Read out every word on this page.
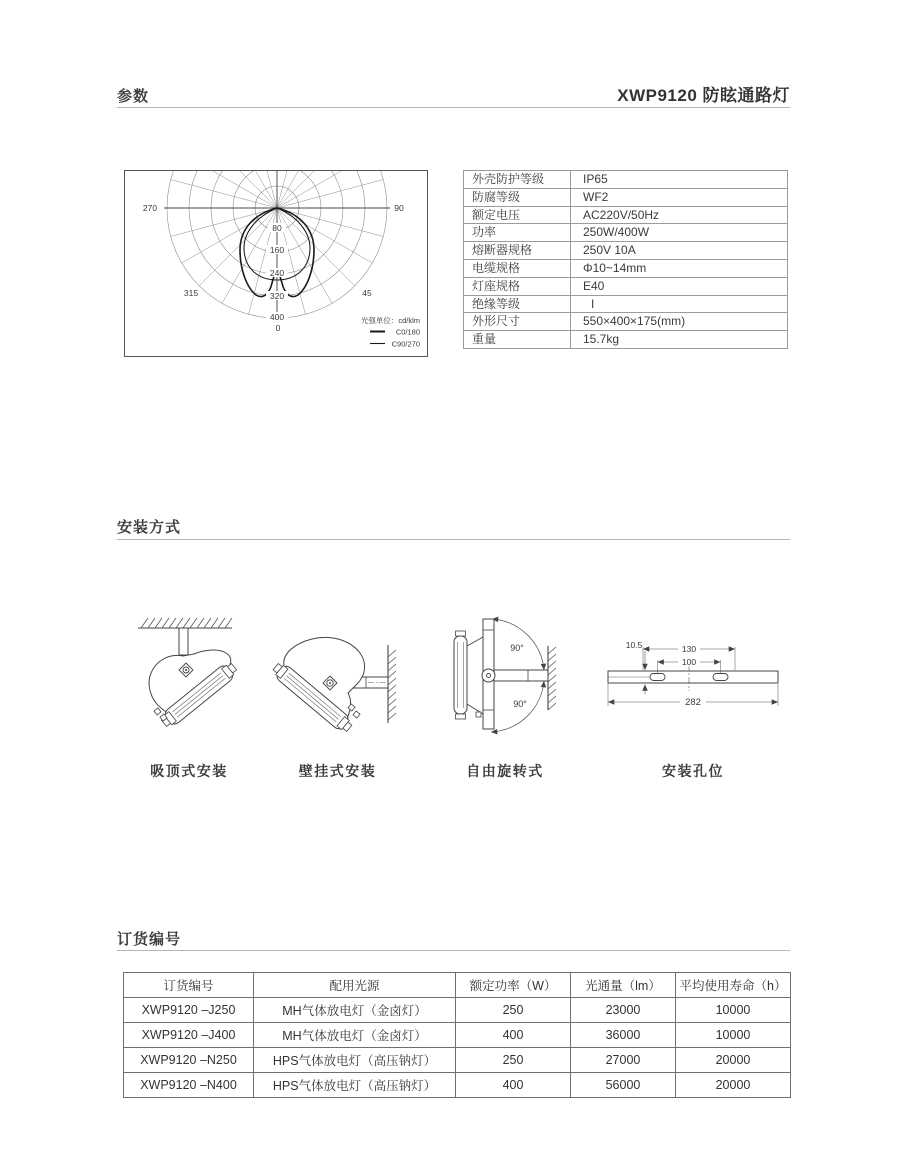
参数	XWP9120 防眩通路灯
80
160
240
320
400
270	90
315	45
0
光强单位：cd/klm
C0/180
C90/270
外壳防护等级	IP65
防腐等级	WF2
额定电压	AC220V/50Hz
功率	250W/400W
熔断器规格	250V 10A
电缆规格	Φ10~14mm
灯座规格	E40
绝缘等级	I
外形尺寸	550×400×175(mm)
重量	15.7kg
安装方式
90°
90°
130
100
10.5
282
吸顶式安装	壁挂式安装	自由旋转式	安装孔位
订货编号
订货编号	配用光源	额定功率（W）	光通量（lm）	平均使用寿命（h）
XWP9120 –J250	MH气体放电灯（金卤灯）	250	23000	10000
XWP9120 –J400	MH气体放电灯（金卤灯）	400	36000	10000
XWP9120 –N250	HPS气体放电灯（高压钠灯）	250	27000	20000
XWP9120 –N400	HPS气体放电灯（高压钠灯）	400	56000	20000
